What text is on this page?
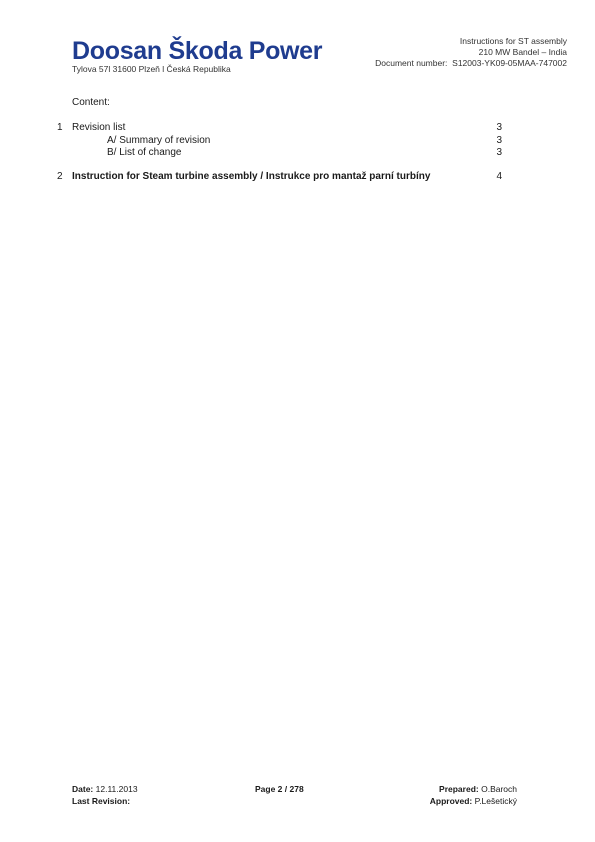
Doosan Škoda Power
Tylova 57l 31600 Plzeň l Česká Republika
Instructions for ST assembly
210 MW Bandel – India
Document number: S12003-YK09-05MAA-747002
Content:
1 Revision list	3
A/ Summary of revision	3
B/ List of change	3
2 Instruction for Steam turbine assembly / Instrukce pro mantaž parní turbíny	4
Date: 12.11.2013
Last Revision:
Page 2 / 278	Prepared: O.Baroch
Approved: P.Lešetický
